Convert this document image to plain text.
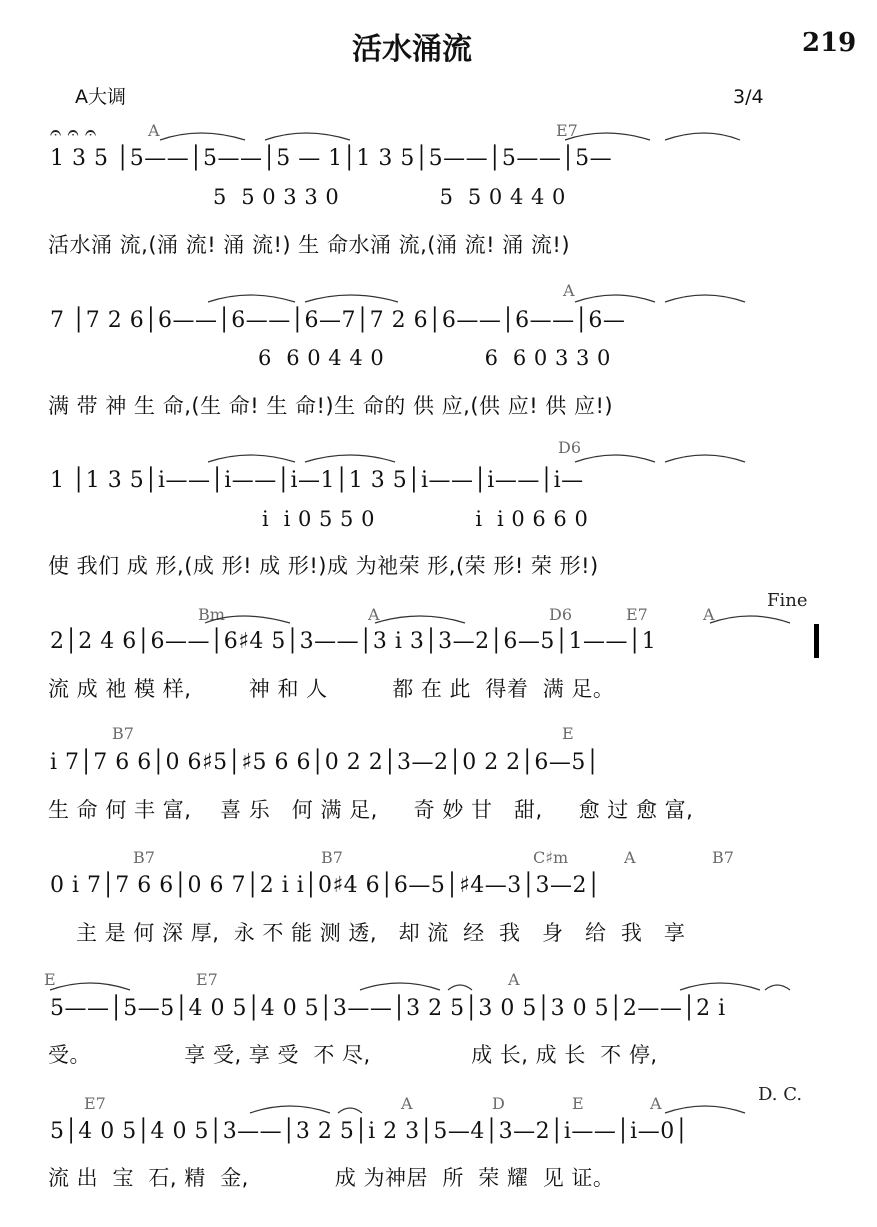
活水涌流	219
A大调	3/4
𝄐 𝄐 𝄐	A	E7
1 3 5 │5——│5——│5 — 1│1 3 5│5——│5——│5—
5  5 0 3 3 0              5  5 0 4 4 0
活水涌 流,(涌 流! 涌 流!) 生 命水涌 流,(涌 流! 涌 流!)
A
7 │7 2 6│6——│6——│6—7│7 2 6│6——│6——│6—
6  6 0 4 4 0              6  6 0 3 3 0
满 带 神 生 命,(生 命! 生 命!)生 命的 供 应,(供 应! 供 应!)
D6
1 │1 3 5│i——│i——│i—1│1 3 5│i——│i——│i—
i  i 0 5 5 0              i  i 0 6 6 0
使 我们 成 形,(成 形! 成 形!)成 为祂荣 形,(荣 形! 荣 形!)
Bm	A	D6	E7	A
Fine
2│2 4 6│6——│6♯4 5│3——│3 i 3│3—2│6—5│1——│1
流 成 祂 模 样,        神 和 人         都 在 此  得着  满 足。
B7	E
i 7│7 6 6│0 6♯5│♯5 6 6│0 2 2│3—2│0 2 2│6—5│
生 命 何 丰 富,    喜 乐   何 满 足,     奇 妙 甘   甜,     愈 过 愈 富,
B7	B7	C♯m	A	B7
0 i 7│7 6 6│0 6 7│2 i i│0♯4 6│6—5│♯4—3│3—2│
主 是 何 深 厚,  永 不 能 测 透,   却 流  经  我   身   给  我   享
E	E7	A
5——│5—5│4 0 5│4 0 5│3——│3 2 5│3 0 5│3 0 5│2——│2 i
受。             享 受, 享 受  不 尽,              成 长, 成 长  不 停,
E7	A	D	E	A	D. C.
5│4 0 5│4 0 5│3——│3 2 5│i 2 3│5—4│3—2│i——│i—0│
流 出  宝  石, 精  金,            成 为神居  所  荣 耀  见 证。
